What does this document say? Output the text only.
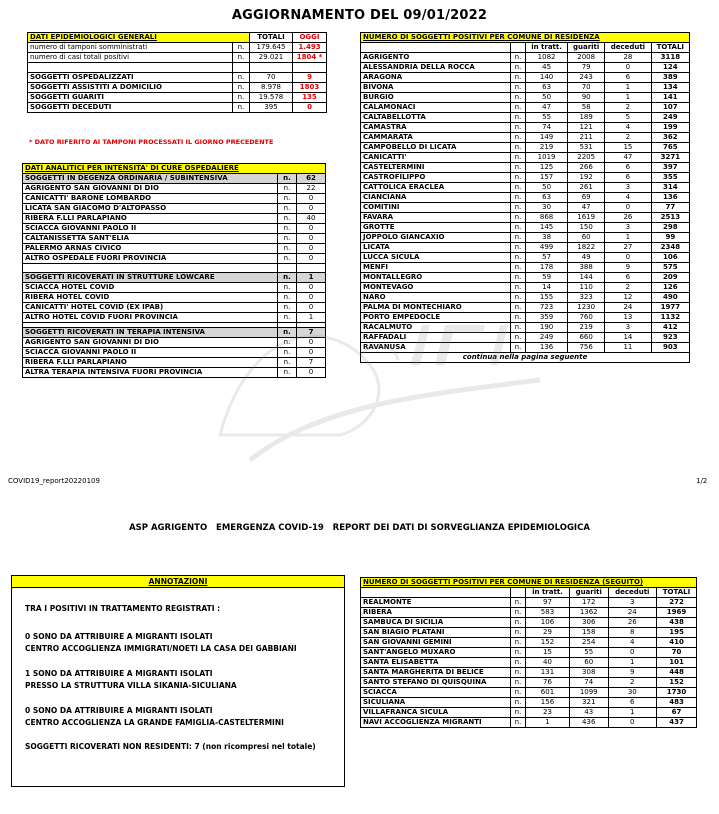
AGGIORNAMENTO DEL 09/01/2022
DATI EPIDEMIOLOGICI GENERALI		TOTALI	OGGI
numero di tamponi somministrati	n.	179.645	1.493
numero di casi totali positivi	n.	29.021	1804 *

SOGGETTI OSPEDALIZZATI	n.	70	9
SOGGETTI ASSISTITI A DOMICILIO	n.	8.978	1803
SOGGETTI GUARITI	n.	19.578	135
SOGGETTI DECEDUTI	n.	395	0
* DATO RIFERITO AI TAMPONI PROCESSATI IL GIORNO PRECEDENTE
DATI ANALITICI PER INTENSITA' DI CURE OSPEDALIERE		
SOGGETTI IN DEGENZA ORDINARIA / SUBINTENSIVA	n.	62
AGRIGENTO SAN GIOVANNI DI DIO	n.	22
CANICATTI' BARONE LOMBARDO	n.	0
LICATA SAN GIACOMO D'ALTOPASSO	n.	0
RIBERA F.LLI PARLAPIANO	n.	40
SCIACCA GIOVANNI PAOLO II	n.	0
CALTANISSETTA SANT'ELIA	n.	0
PALERMO ARNAS CIVICO	n.	0
ALTRO OSPEDALE FUORI PROVINCIA	n.	0

SOGGETTI RICOVERATI IN STRUTTURE LOWCARE	n.	1
SCIACCA HOTEL COVID	n.	0
RIBERA HOTEL COVID	n.	0
CANICATTI' HOTEL COVID (EX IPAB)	n.	0
ALTRO HOTEL COVID FUORI PROVINCIA	n.	1

SOGGETTI RICOVERATI IN TERAPIA INTENSIVA	n.	7
AGRIGENTO SAN GIOVANNI DI DIO	n.	0
SCIACCA GIOVANNI PAOLO II	n.	0
RIBERA F.LLI PARLAPIANO	n.	7
ALTRA TERAPIA INTENSIVA FUORI PROVINCIA	n.	0
NUMERO DI SOGGETTI POSITIVI PER COMUNE DI RESIDENZA					
		in tratt.	guariti	deceduti	TOTALI
AGRIGENTO	n.	1082	2008	28	3118
ALESSANDRIA DELLA ROCCA	n.	45	79	0	124
ARAGONA	n.	140	243	6	389
BIVONA	n.	63	70	1	134
BURGIO	n.	50	90	1	141
CALAMONACI	n.	47	58	2	107
CALTABELLOTTA	n.	55	189	5	249
CAMASTRA	n.	74	121	4	199
CAMMARATA	n.	149	211	2	362
CAMPOBELLO DI LICATA	n.	219	531	15	765
CANICATTI'	n.	1019	2205	47	3271
CASTELTERMINI	n.	125	266	6	397
CASTROFILIPPO	n.	157	192	6	355
CATTOLICA ERACLEA	n.	50	261	3	314
CIANCIANA	n.	63	69	4	136
COMITINI	n.	30	47	0	77
FAVARA	n.	868	1619	26	2513
GROTTE	n.	145	150	3	298
JOPPOLO GIANCAXIO	n.	38	60	1	99
LICATA	n.	499	1822	27	2348
LUCCA SICULA	n.	57	49	0	106
MENFI	n.	178	388	9	575
MONTALLEGRO	n.	59	144	6	209
MONTEVAGO	n.	14	110	2	126
NARO	n.	155	323	12	490
PALMA DI MONTECHIARO	n.	723	1230	24	1977
PORTO EMPEDOCLE	n.	359	760	13	1132
RACALMUTO	n.	190	219	3	412
RAFFADALI	n.	249	660	14	923
RAVANUSA	n.	136	756	11	903
continua nella pagina seguente					
COVID19_report20220109	1/2
ASP AGRIGENTO   EMERGENZA COVID-19   REPORT DEI DATI DI SORVEGLIANZA EPIDEMIOLOGICA
ANNOTAZIONI
TRA I POSITIVI IN TRATTAMENTO REGISTRATI :
0 SONO DA ATTRIBUIRE A MIGRANTI ISOLATI
CENTRO ACCOGLIENZA IMMIGRATI/NOETI LA CASA DEI GABBIANI
1 SONO DA ATTRIBUIRE A MIGRANTI ISOLATI
PRESSO LA STRUTTURA VILLA SIKANIA-SICULIANA
0 SONO DA ATTRIBUIRE A MIGRANTI ISOLATI
CENTRO ACCOGLIENZA LA GRANDE FAMIGLIA-CASTELTERMINI
SOGGETTI RICOVERATI NON RESIDENTI: 7 (non ricompresi nel totale)
NUMERO DI SOGGETTI POSITIVI PER COMUNE DI RESIDENZA (SEGUITO)					
		in tratt.	guariti	deceduti	TOTALI
REALMONTE	n.	97	172	3	272
RIBERA	n.	583	1362	24	1969
SAMBUCA DI SICILIA	n.	106	306	26	438
SAN BIAGIO PLATANI	n.	29	158	8	195
SAN GIOVANNI GEMINI	n.	152	254	4	410
SANT'ANGELO MUXARO	n.	15	55	0	70
SANTA ELISABETTA	n.	40	60	1	101
SANTA MARGHERITA DI BELICE	n.	131	308	9	448
SANTO STEFANO DI QUISQUINA	n.	76	74	2	152
SCIACCA	n.	601	1099	30	1730
SICULIANA	n.	156	321	6	483
VILLAFRANCA SICULA	n.	23	43	1	67
NAVI ACCOGLIENZA MIGRANTI	n.	1	436	0	437
